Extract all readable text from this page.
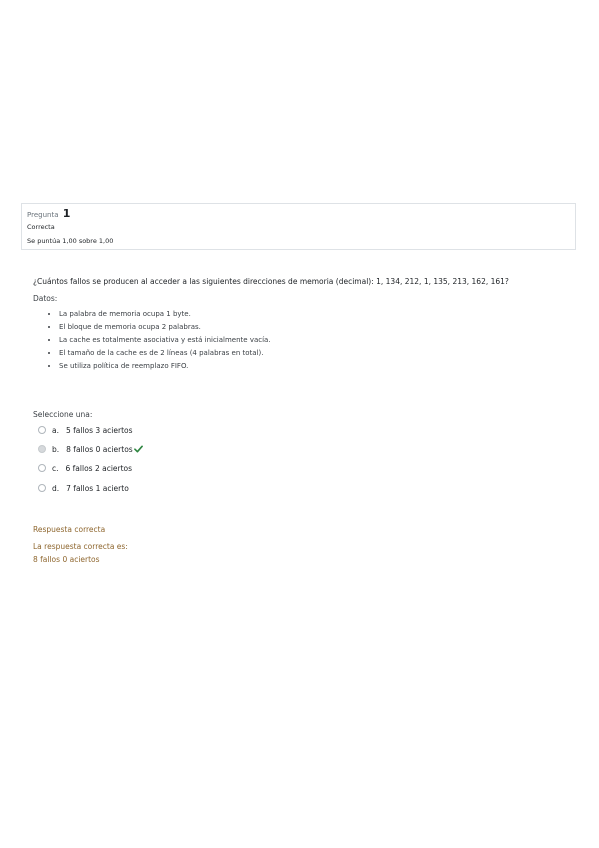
Pregunta 1
Correcta
Se puntúa 1,00 sobre 1,00
¿Cuántos fallos se producen al acceder a las siguientes direcciones de memoria (decimal): 1, 134, 212, 1, 135, 213, 162, 161?
Datos:
• La palabra de memoria ocupa 1 byte.
• El bloque de memoria ocupa 2 palabras.
• La cache es totalmente asociativa y está inicialmente vacía.
• El tamaño de la cache es de 2 líneas (4 palabras en total).
• Se utiliza política de reemplazo FIFO.
Seleccione una:
a. 5 fallos 3 aciertos
b. 8 fallos 0 aciertos
c. 6 fallos 2 aciertos
d. 7 fallos 1 acierto
Respuesta correcta
La respuesta correcta es:
8 fallos 0 aciertos
